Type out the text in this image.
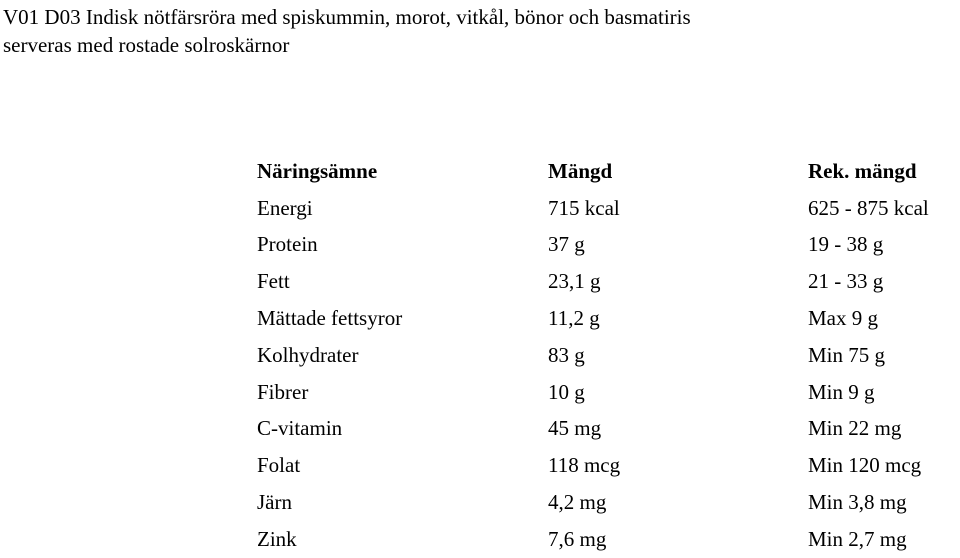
V01 D03 Indisk nötfärsröra med spiskummin, morot, vitkål, bönor och basmatiris
serveras med rostade solroskärnor
Näringsämne	Mängd	Rek. mängd
Energi	715 kcal	625 - 875 kcal
Protein	37 g	19 - 38 g
Fett	23,1 g	21 - 33 g
Mättade fettsyror	11,2 g	Max 9 g
Kolhydrater	83 g	Min 75 g
Fibrer	10 g	Min 9 g
C-vitamin	45 mg	Min 22 mg
Folat	118 mcg	Min 120 mcg
Järn	4,2 mg	Min 3,8 mg
Zink	7,6 mg	Min 2,7 mg
